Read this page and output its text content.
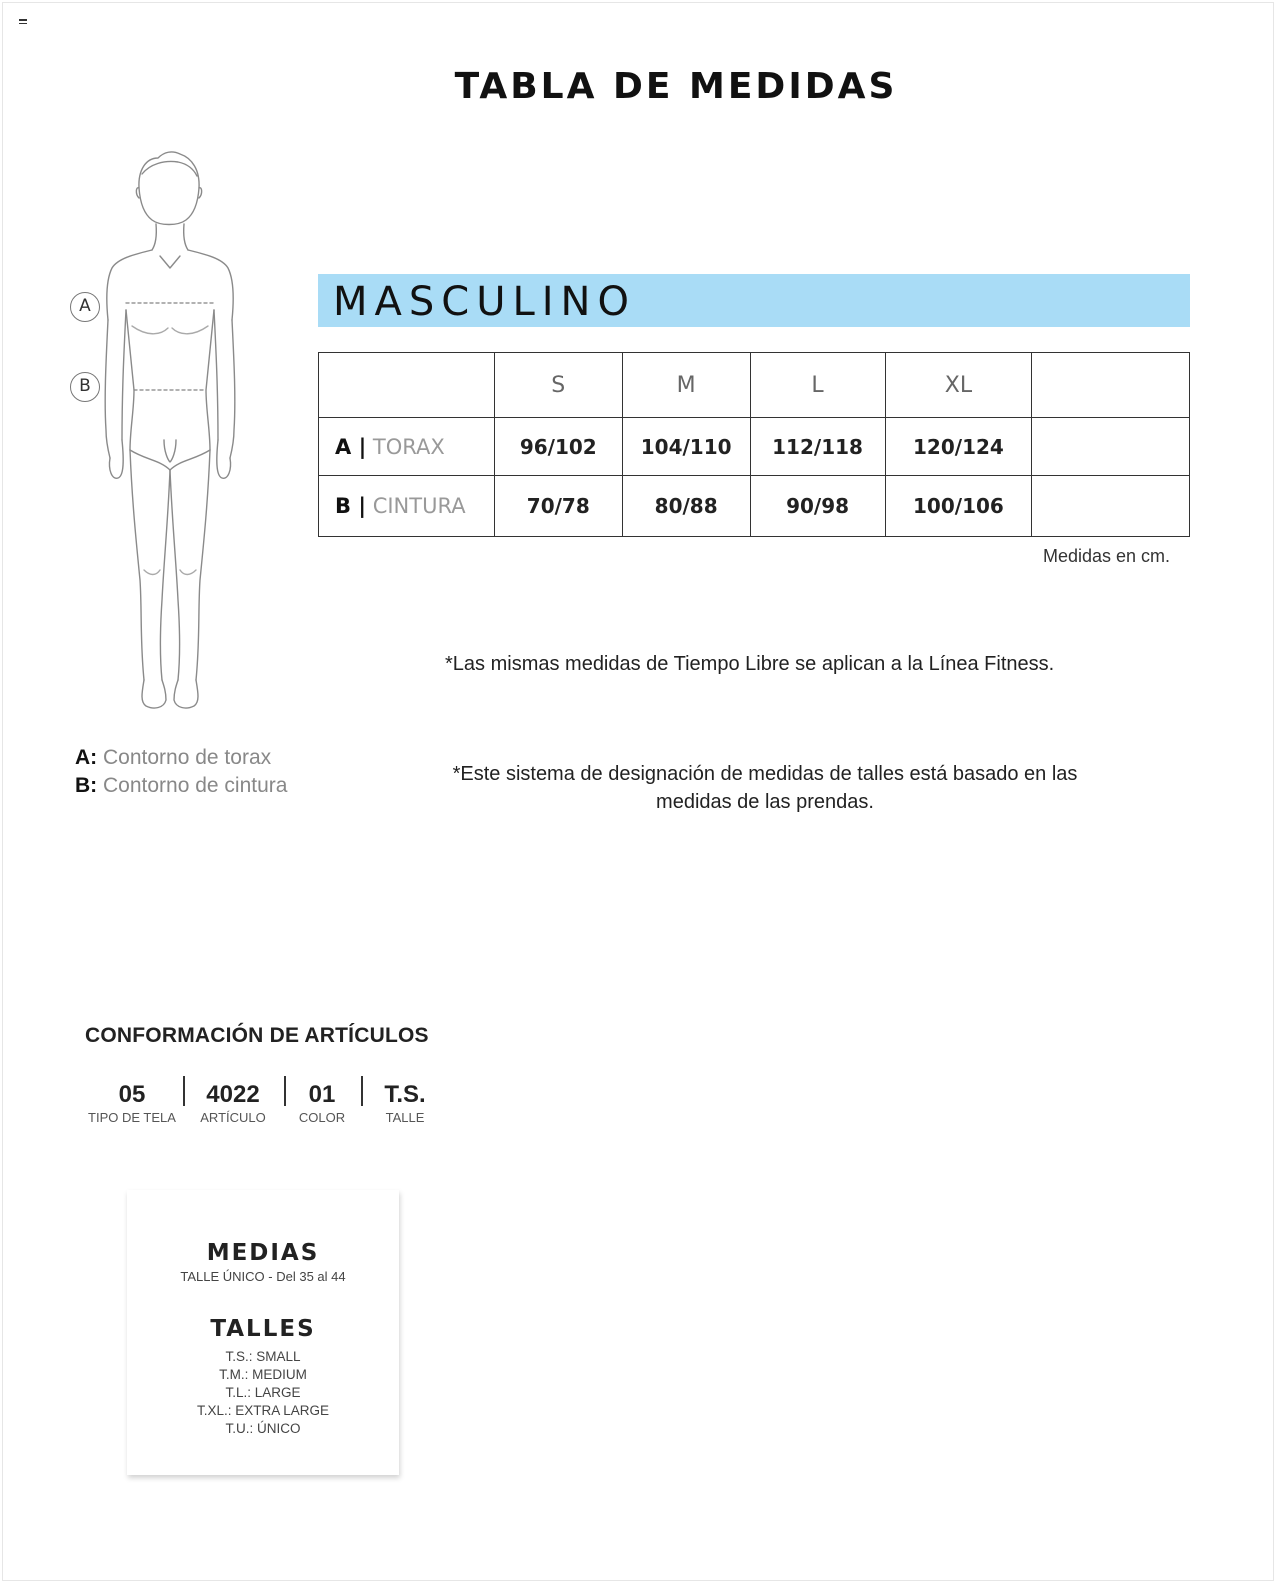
TABLA DE MEDIDAS
A
B
A: Contorno de torax
B: Contorno de cintura
MASCULINO
	S	M	L	XL	
A | TORAX	96/102	104/110	112/118	120/124	
B | CINTURA	70/78	80/88	90/98	100/106	
Medidas en cm.
*Las mismas medidas de Tiempo Libre se aplican a la Línea Fitness.
*Este sistema de designación de medidas de talles está basado en las medidas de las prendas.
CONFORMACIÓN DE ARTÍCULOS
05
TIPO DE TELA
4022
ARTÍCULO
01
COLOR
T.S.
TALLE
MEDIAS
TALLE ÚNICO - Del 35 al 44
TALLES
T.S.: SMALL
T.M.: MEDIUM
T.L.: LARGE
T.XL.: EXTRA LARGE
T.U.: ÚNICO
